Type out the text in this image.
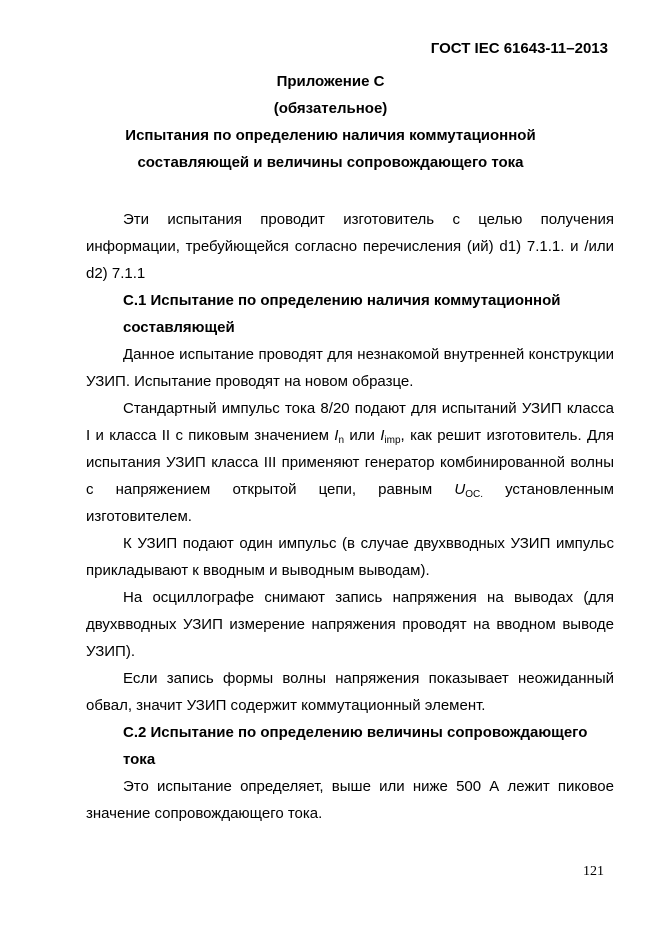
ГОСТ IEC 61643-11–2013
Приложение С
(обязательное)
Испытания по определению наличия коммутационной
составляющей и величины сопровождающего тока

Эти испытания проводит изготовитель с целью получения информации, требуйющейся согласно перечисления (ий) d1) 7.1.1. и /или d2) 7.1.1

С.1 Испытание по определению наличия коммутационной составляющей

Данное испытание проводят для незнакомой внутренней конструкции УЗИП. Испытание проводят на новом образце.

Стандартный импульс тока 8/20 подают для испытаний УЗИП класса I и класса II с пиковым значением $I_n$ или $I_{imp}$, как решит изготовитель. Для испытания УЗИП класса III применяют генератор комбинированной волны с напряжением открытой цепи, равным $U_{OC.}$ установленным изготовителем.

К УЗИП подают один импульс (в случае двухвводных УЗИП импульс прикладывают к вводным и выводным выводам).

На осциллографе снимают запись напряжения на выводах (для двухвводных УЗИП измерение напряжения проводят на вводном выводе УЗИП).

Если запись формы волны напряжения показывает неожиданный обвал, значит УЗИП содержит коммутационный элемент.

С.2 Испытание по определению величины сопровождающего тока

Это испытание определяет, выше или ниже 500 А лежит пиковое значение сопровождающего тока.

121
